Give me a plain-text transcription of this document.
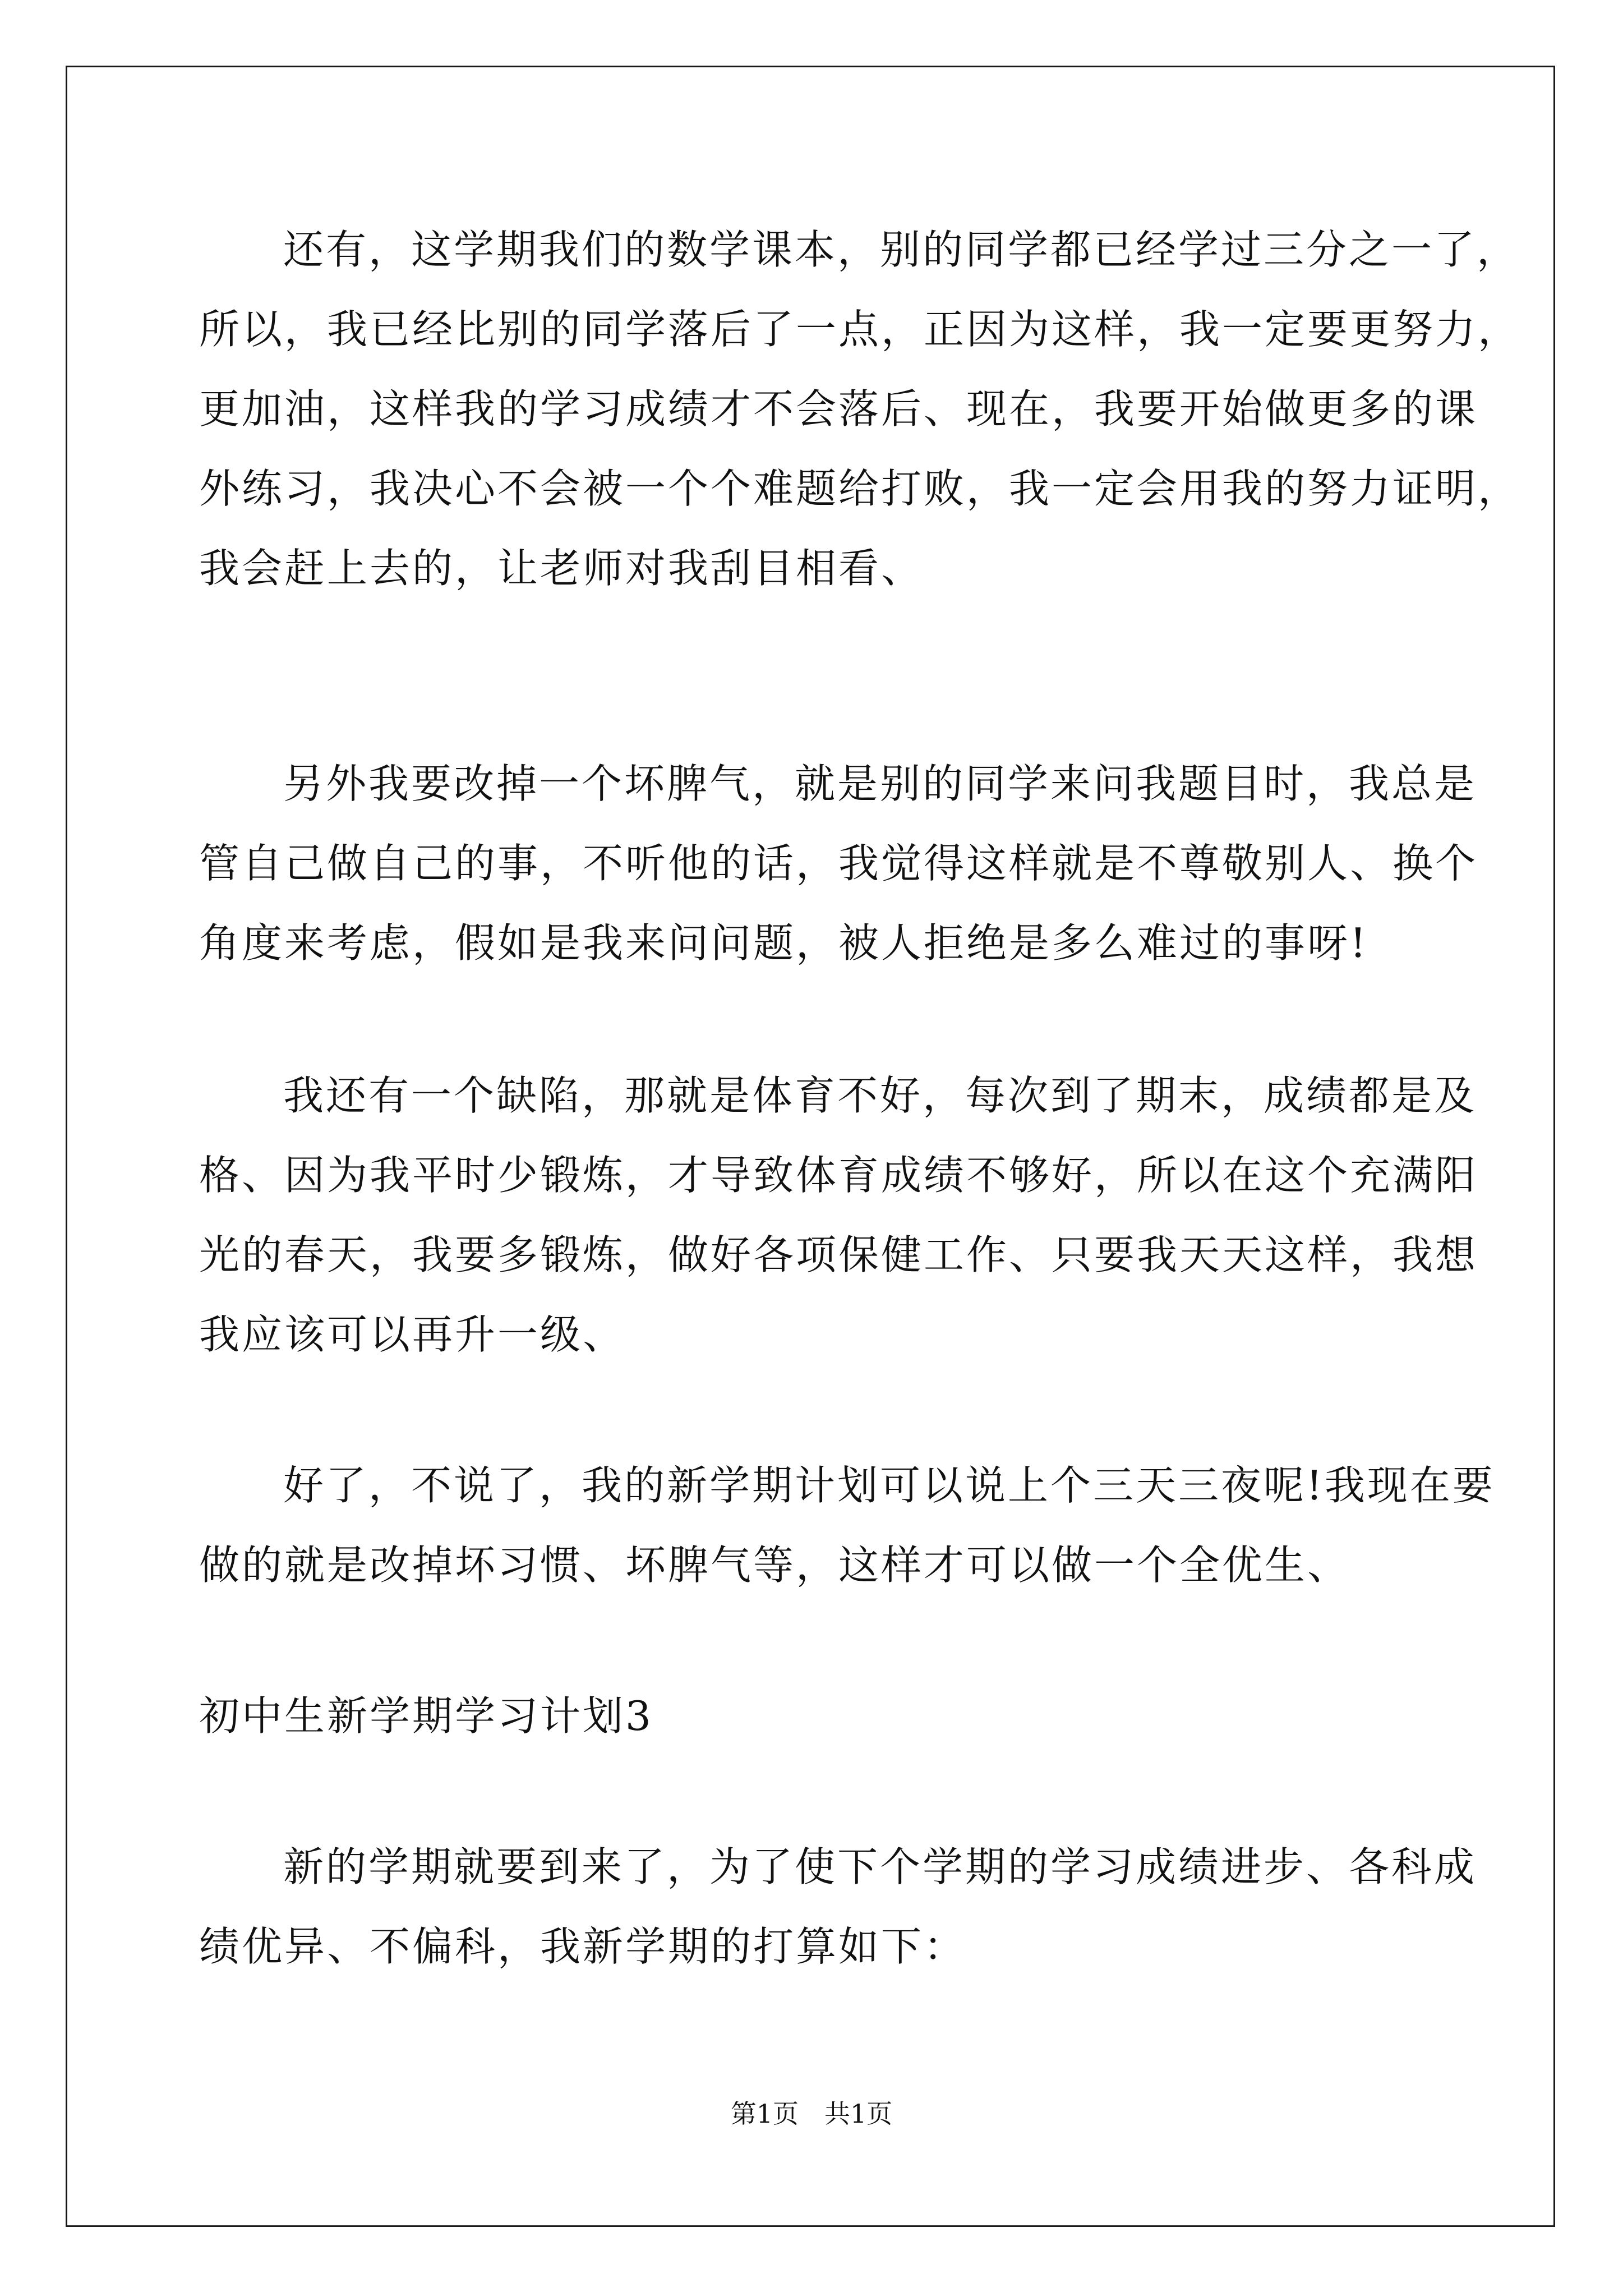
还有，这学期我们的数学课本，别的同学都已经学过三分之一了，
所以，我已经比别的同学落后了一点，正因为这样，我一定要更努力，
更加油，这样我的学习成绩才不会落后、现在，我要开始做更多的课
外练习，我决心不会被一个个难题给打败，我一定会用我的努力证明，
我会赶上去的，让老师对我刮目相看、
另外我要改掉一个坏脾气，就是别的同学来问我题目时，我总是
管自己做自己的事，不听他的话，我觉得这样就是不尊敬别人、换个
角度来考虑，假如是我来问问题，被人拒绝是多么难过的事呀!
我还有一个缺陷，那就是体育不好，每次到了期末，成绩都是及
格、因为我平时少锻炼，才导致体育成绩不够好，所以在这个充满阳
光的春天，我要多锻炼，做好各项保健工作、只要我天天这样，我想
我应该可以再升一级、
好了，不说了，我的新学期计划可以说上个三天三夜呢!我现在要
做的就是改掉坏习惯、坏脾气等，这样才可以做一个全优生、
初中生新学期学习计划3
新的学期就要到来了，为了使下个学期的学习成绩进步、各科成
绩优异、不偏科，我新学期的打算如下：
第1页　共1页
